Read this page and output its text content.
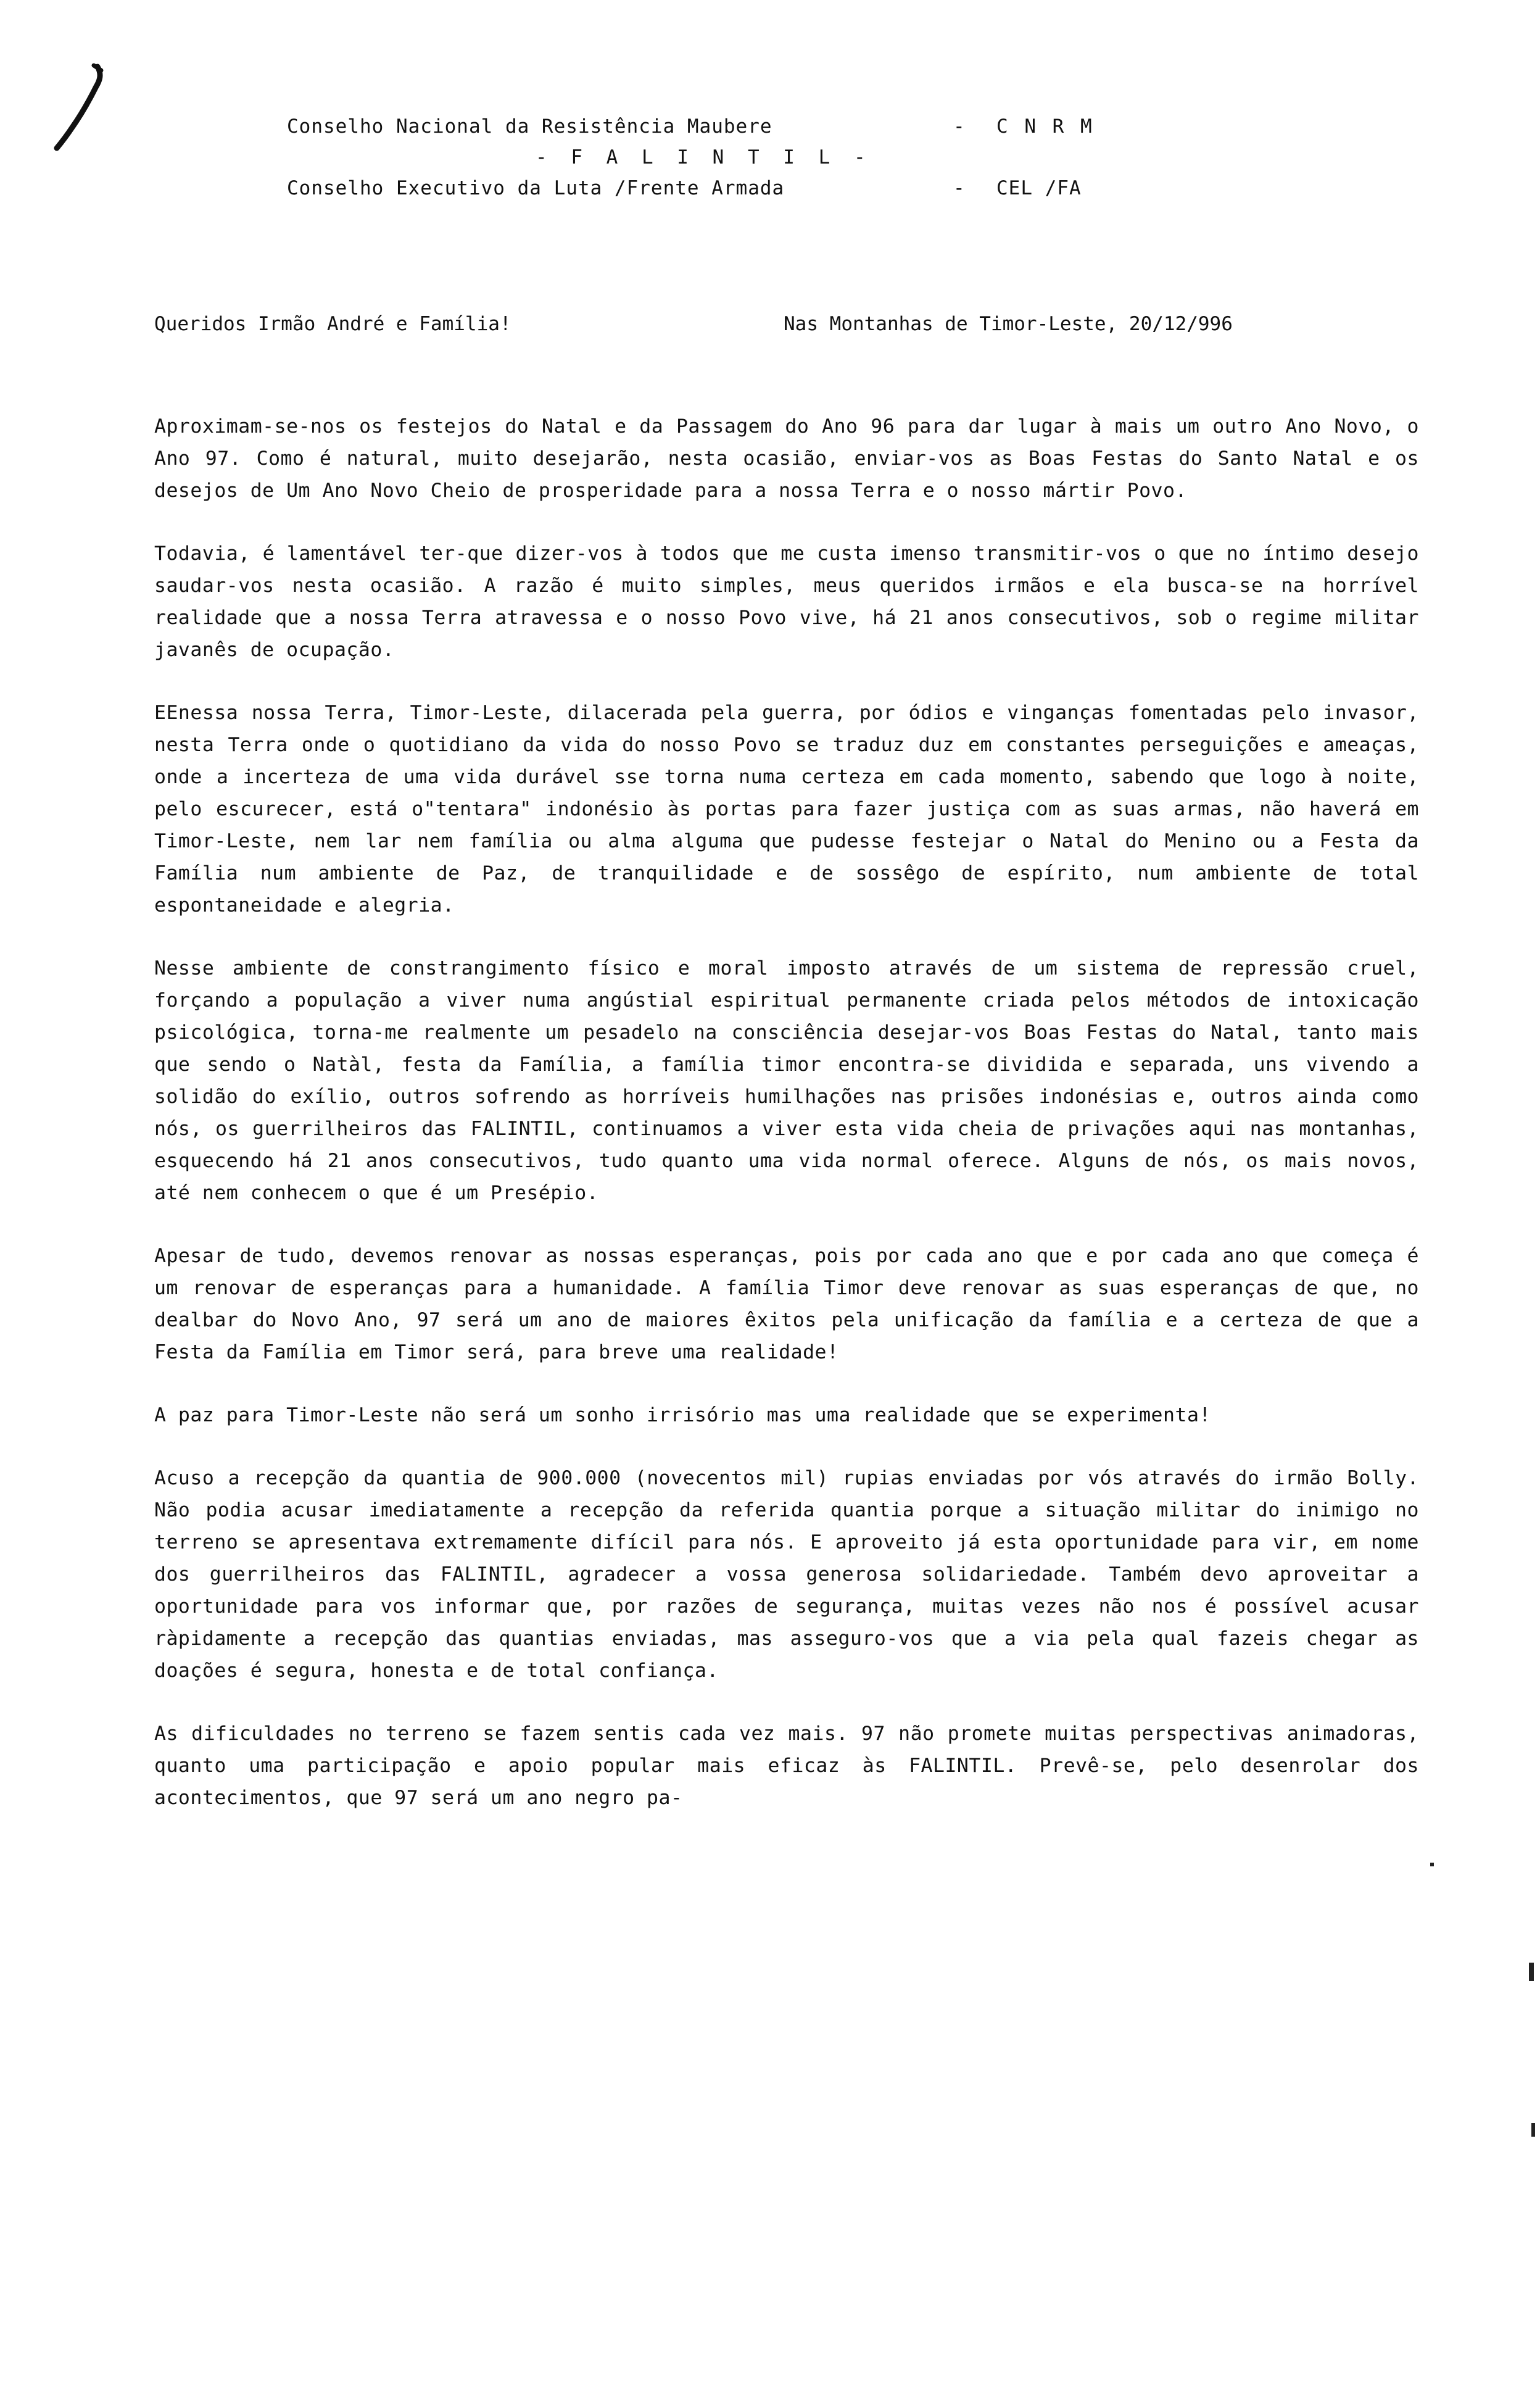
Conselho Nacional da Resistência Maubere	- C N R M
- F A L I N T I L -
Conselho Executivo da Luta /Frente Armada	- CEL /FA
Queridos Irmão André e Família!	Nas Montanhas de Timor-Leste, 20/12/996

Aproximam-se-nos os festejos do Natal e da Passagem do Ano 96 para dar lugar à mais um outro Ano Novo, o Ano 97. Como é natural, muito desejarão, nesta ocasião, enviar-vos as Boas Festas do Santo Natal e os desejos de Um Ano Novo Cheio de prosperidade para a nossa Terra e o nosso mártir Povo.

Todavia, é lamentável ter-que dizer-vos à todos que me custa imenso transmitir-vos o que no íntimo desejo saudar-vos nesta ocasião. A razão é muito simples, meus queridos irmãos e ela busca-se na horrível realidade que a nossa Terra atravessa e o nosso Povo vive, há 21 anos consecutivos, sob o regime militar javanês de ocupação.

EEnessa nossa Terra, Timor-Leste, dilacerada pela guerra, por ódios e vinganças fomentadas pelo invasor, nesta Terra onde o quotidiano da vida do nosso Povo se traduz duz em constantes perseguições e ameaças, onde a incerteza de uma vida durável sse torna numa certeza em cada momento, sabendo que logo à noite, pelo escurecer, está o"tentara" indonésio às portas para fazer justiça com as suas armas, não haverá em Timor-Leste, nem lar nem família ou alma alguma que pudesse festejar o Natal do Menino ou a Festa da Família num ambiente de Paz, de tranquilidade e de sossêgo de espírito, num ambiente de total espontaneidade e alegria.

Nesse ambiente de constrangimento físico e moral imposto através de um sistema de repressão cruel, forçando a população a viver numa angústial espiritual permanente criada pelos métodos de intoxicação psicológica, torna-me realmente um pesadelo na consciência desejar-vos Boas Festas do Natal, tanto mais que sendo o Natàl, festa da Família, a família timor encontra-se dividida e separada, uns vivendo a solidão do exílio, outros sofrendo as horríveis humilhações nas prisões indonésias e, outros ainda como nós, os guerrilheiros das FALINTIL, continuamos a viver esta vida cheia de privações aqui nas montanhas, esquecendo há 21 anos consecutivos, tudo quanto uma vida normal oferece. Alguns de nós, os mais novos, até nem conhecem o que é um Presépio.

Apesar de tudo, devemos renovar as nossas esperanças, pois por cada ano que e por cada ano que começa é um renovar de esperanças para a humanidade. A família Timor deve renovar as suas esperanças de que, no dealbar do Novo Ano, 97 será um ano de maiores êxitos pela unificação da família e a certeza de que a Festa da Família em Timor será, para breve uma realidade!

A paz para Timor-Leste não será um sonho irrisório mas uma realidade que se experimenta!

Acuso a recepção da quantia de 900.000 (novecentos mil) rupias enviadas por vós através do irmão Bolly. Não podia acusar imediatamente a recepção da referida quantia porque a situação militar do inimigo no terreno se apresentava extremamente difícil para nós. E aproveito já esta oportunidade para vir, em nome dos guerrilheiros das FALINTIL, agradecer a vossa generosa solidariedade. Também devo aproveitar a oportunidade para vos informar que, por razões de segurança, muitas vezes não nos é possível acusar ràpidamente a recepção das quantias enviadas, mas asseguro-vos que a via pela qual fazeis chegar as doações é segura, honesta e de total confiança.

As dificuldades no terreno se fazem sentis cada vez mais. 97 não promete muitas perspectivas animadoras, quanto uma participação e apoio popular mais eficaz às FALINTIL. Prevê-se, pelo desenrolar dos acontecimentos, que 97 será um ano negro pa-
